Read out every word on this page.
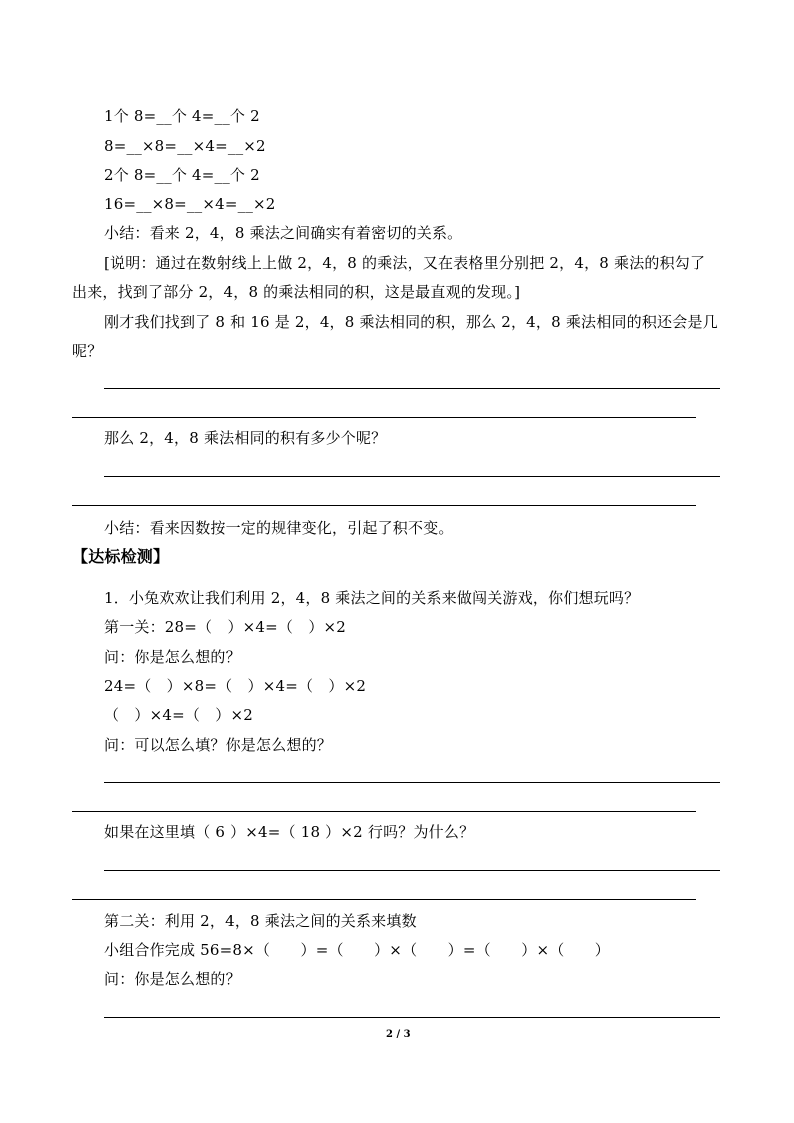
1个 8=__个 4=__个 2
8=__×8=__×4=__×2
2个 8=__个 4=__个 2
16=__×8=__×4=__×2
小结：看来 2，4，8 乘法之间确实有着密切的关系。
[说明：通过在数射线上上做 2，4，8 的乘法，又在表格里分别把 2，4，8 乘法的积勾了
出来，找到了部分 2，4，8 的乘法相同的积，这是最直观的发现。]
刚才我们找到了 8 和 16 是 2，4，8 乘法相同的积，那么 2，4，8 乘法相同的积还会是几
呢？
那么 2，4，8 乘法相同的积有多少个呢？
小结：看来因数按一定的规律变化，引起了积不变。
【达标检测】
1．小兔欢欢让我们利用 2，4，8 乘法之间的关系来做闯关游戏，你们想玩吗？
第一关：28=（　）×4=（　）×2
问：你是怎么想的？
24=（　）×8=（　）×4=（　）×2
（　）×4=（　）×2
问：可以怎么填？你是怎么想的？
如果在这里填（ 6 ）×4=（ 18 ）×2 行吗？为什么？
第二关：利用 2，4，8 乘法之间的关系来填数
小组合作完成 56=8×（　　）=（　　）×（　　）=（　　）×（　　）
问：你是怎么想的？
2 / 3
